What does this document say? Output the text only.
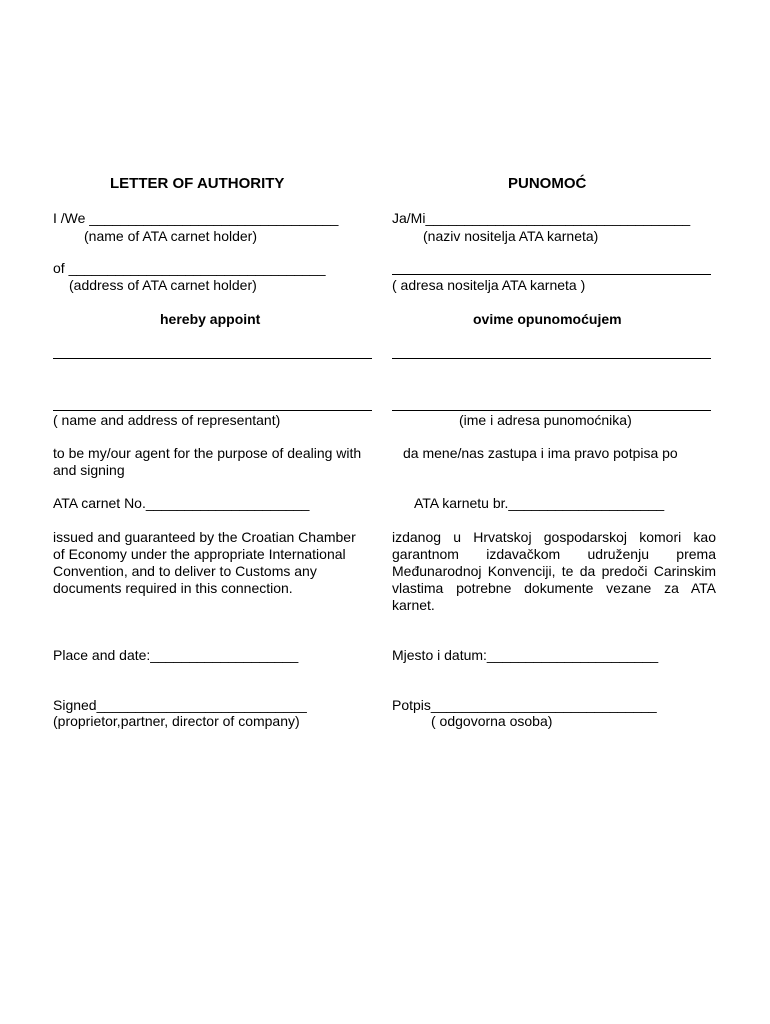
LETTER OF AUTHORITY
I /We ________________________________
(name of ATA carnet holder)
of _________________________________
(address of ATA carnet holder)
hereby appoint
( name and address of representant)
to be my/our agent for the purpose of dealing with and signing
ATA carnet No._____________________
issued and guaranteed by the Croatian Chamber of Economy under the appropriate International Convention, and to deliver to Customs any documents required in this connection.
Place and date:___________________
Signed___________________________
(proprietor,partner, director of company)
PUNOMOĆ
Ja/Mi__________________________________
(naziv nositelja ATA karneta)
( adresa nositelja ATA karneta )
ovime opunomoćujem
(ime i adresa punomoćnika)
da mene/nas zastupa i ima pravo potpisa po
ATA karnetu br.____________________
izdanog u Hrvatskoj gospodarskoj komori kao garantnom izdavačkom udruženju prema Međunarodnoj Konvenciji, te da predoči Carinskim vlastima potrebne dokumente vezane za ATA karnet.
Mjesto i datum:______________________
Potpis_____________________________
( odgovorna osoba)
